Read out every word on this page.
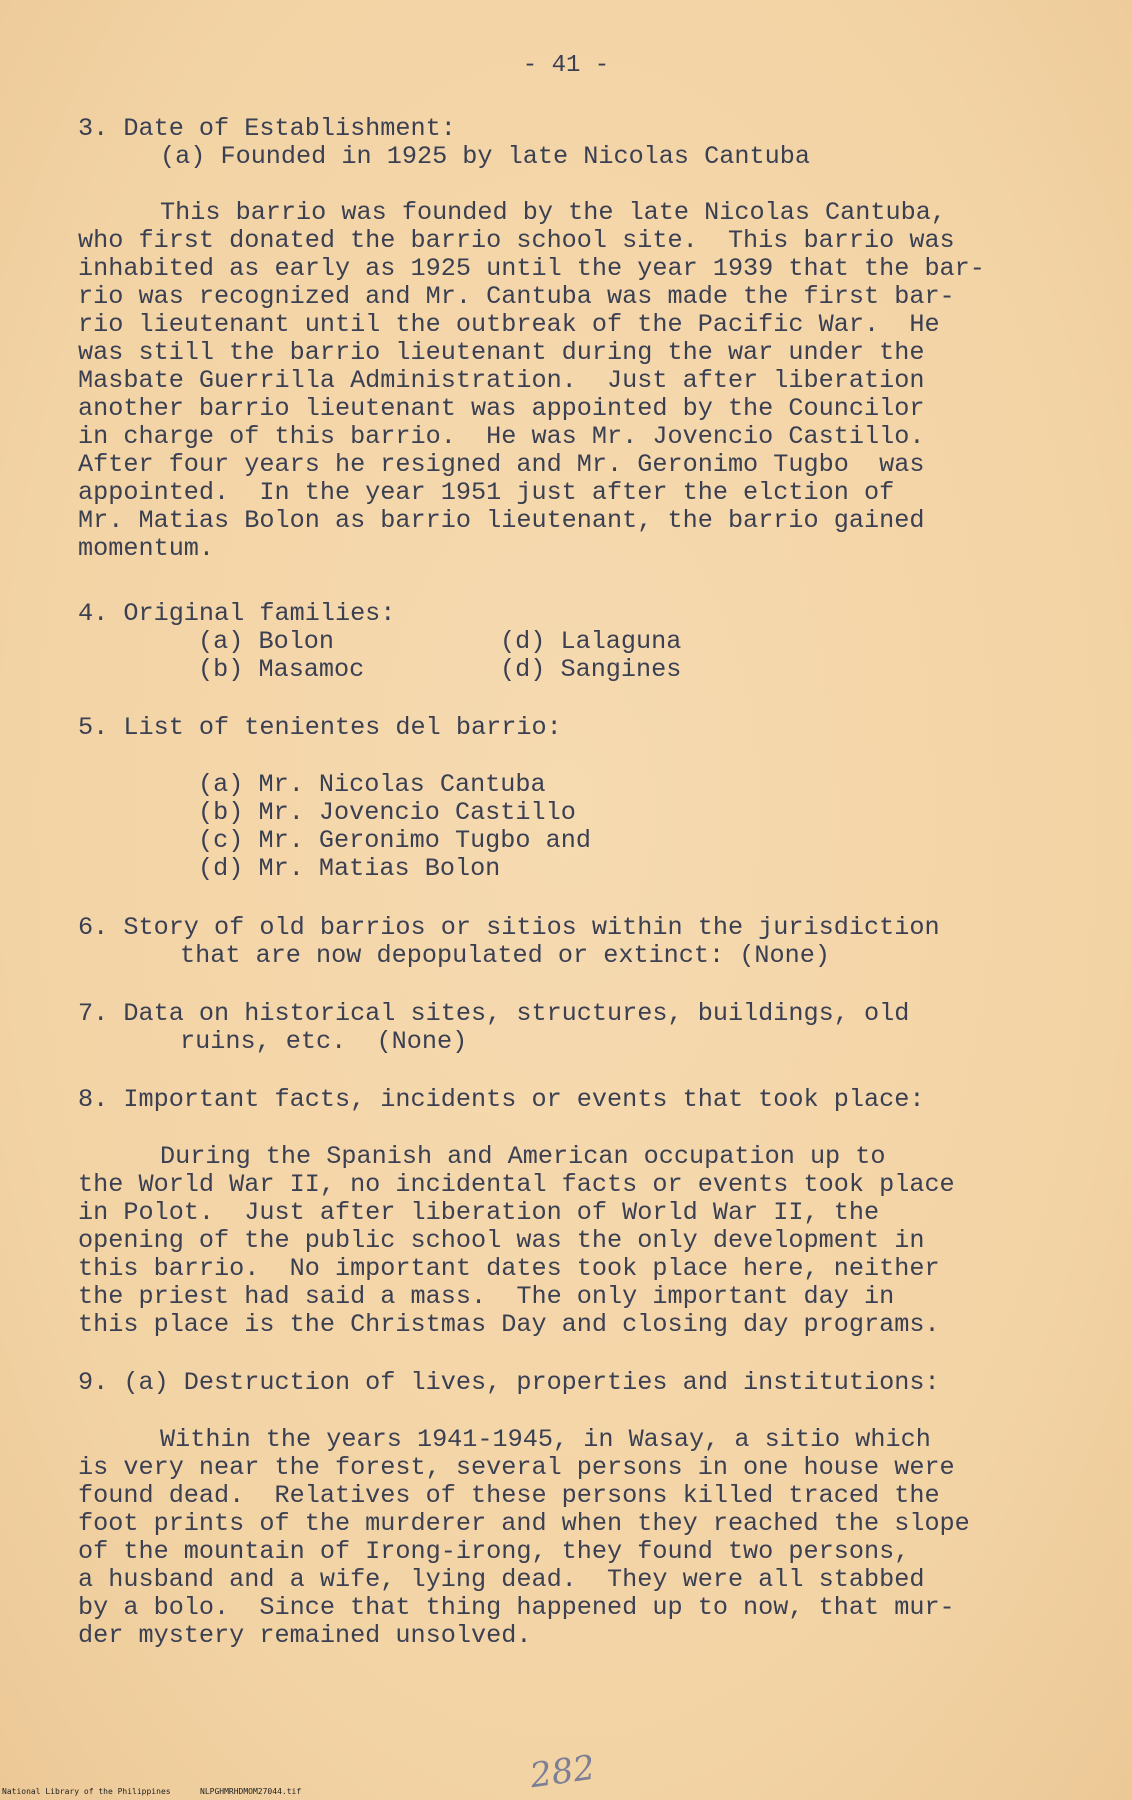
- 41 -
3. Date of Establishment:
(a) Founded in 1925 by late Nicolas Cantuba
This barrio was founded by the late Nicolas Cantuba,
who first donated the barrio school site.  This barrio was
inhabited as early as 1925 until the year 1939 that the bar-
rio was recognized and Mr. Cantuba was made the first bar-
rio lieutenant until the outbreak of the Pacific War.  He
was still the barrio lieutenant during the war under the
Masbate Guerrilla Administration.  Just after liberation
another barrio lieutenant was appointed by the Councilor
in charge of this barrio.  He was Mr. Jovencio Castillo.
After four years he resigned and Mr. Geronimo Tugbo  was
appointed.  In the year 1951 just after the elction of
Mr. Matias Bolon as barrio lieutenant, the barrio gained
momentum.
4. Original families:
(a) Bolon
(b) Masamoc
(d) Lalaguna
(d) Sangines
5. List of tenientes del barrio:
(a) Mr. Nicolas Cantuba
(b) Mr. Jovencio Castillo
(c) Mr. Geronimo Tugbo and
(d) Mr. Matias Bolon
6. Story of old barrios or sitios within the jurisdiction
that are now depopulated or extinct: (None)
7. Data on historical sites, structures, buildings, old
ruins, etc.  (None)
8. Important facts, incidents or events that took place:
During the Spanish and American occupation up to
the World War II, no incidental facts or events took place
in Polot.  Just after liberation of World War II, the
opening of the public school was the only development in
this barrio.  No important dates took place here, neither
the priest had said a mass.  The only important day in
this place is the Christmas Day and closing day programs.
9. (a) Destruction of lives, properties and institutions:
Within the years 1941-1945, in Wasay, a sitio which
is very near the forest, several persons in one house were
found dead.  Relatives of these persons killed traced the
foot prints of the murderer and when they reached the slope
of the mountain of Irong-irong, they found two persons,
a husband and a wife, lying dead.  They were all stabbed
by a bolo.  Since that thing happened up to now, that mur-
der mystery remained unsolved.
282
National Library of the Philippines	NLPGHMRHDMOM27044.tif
